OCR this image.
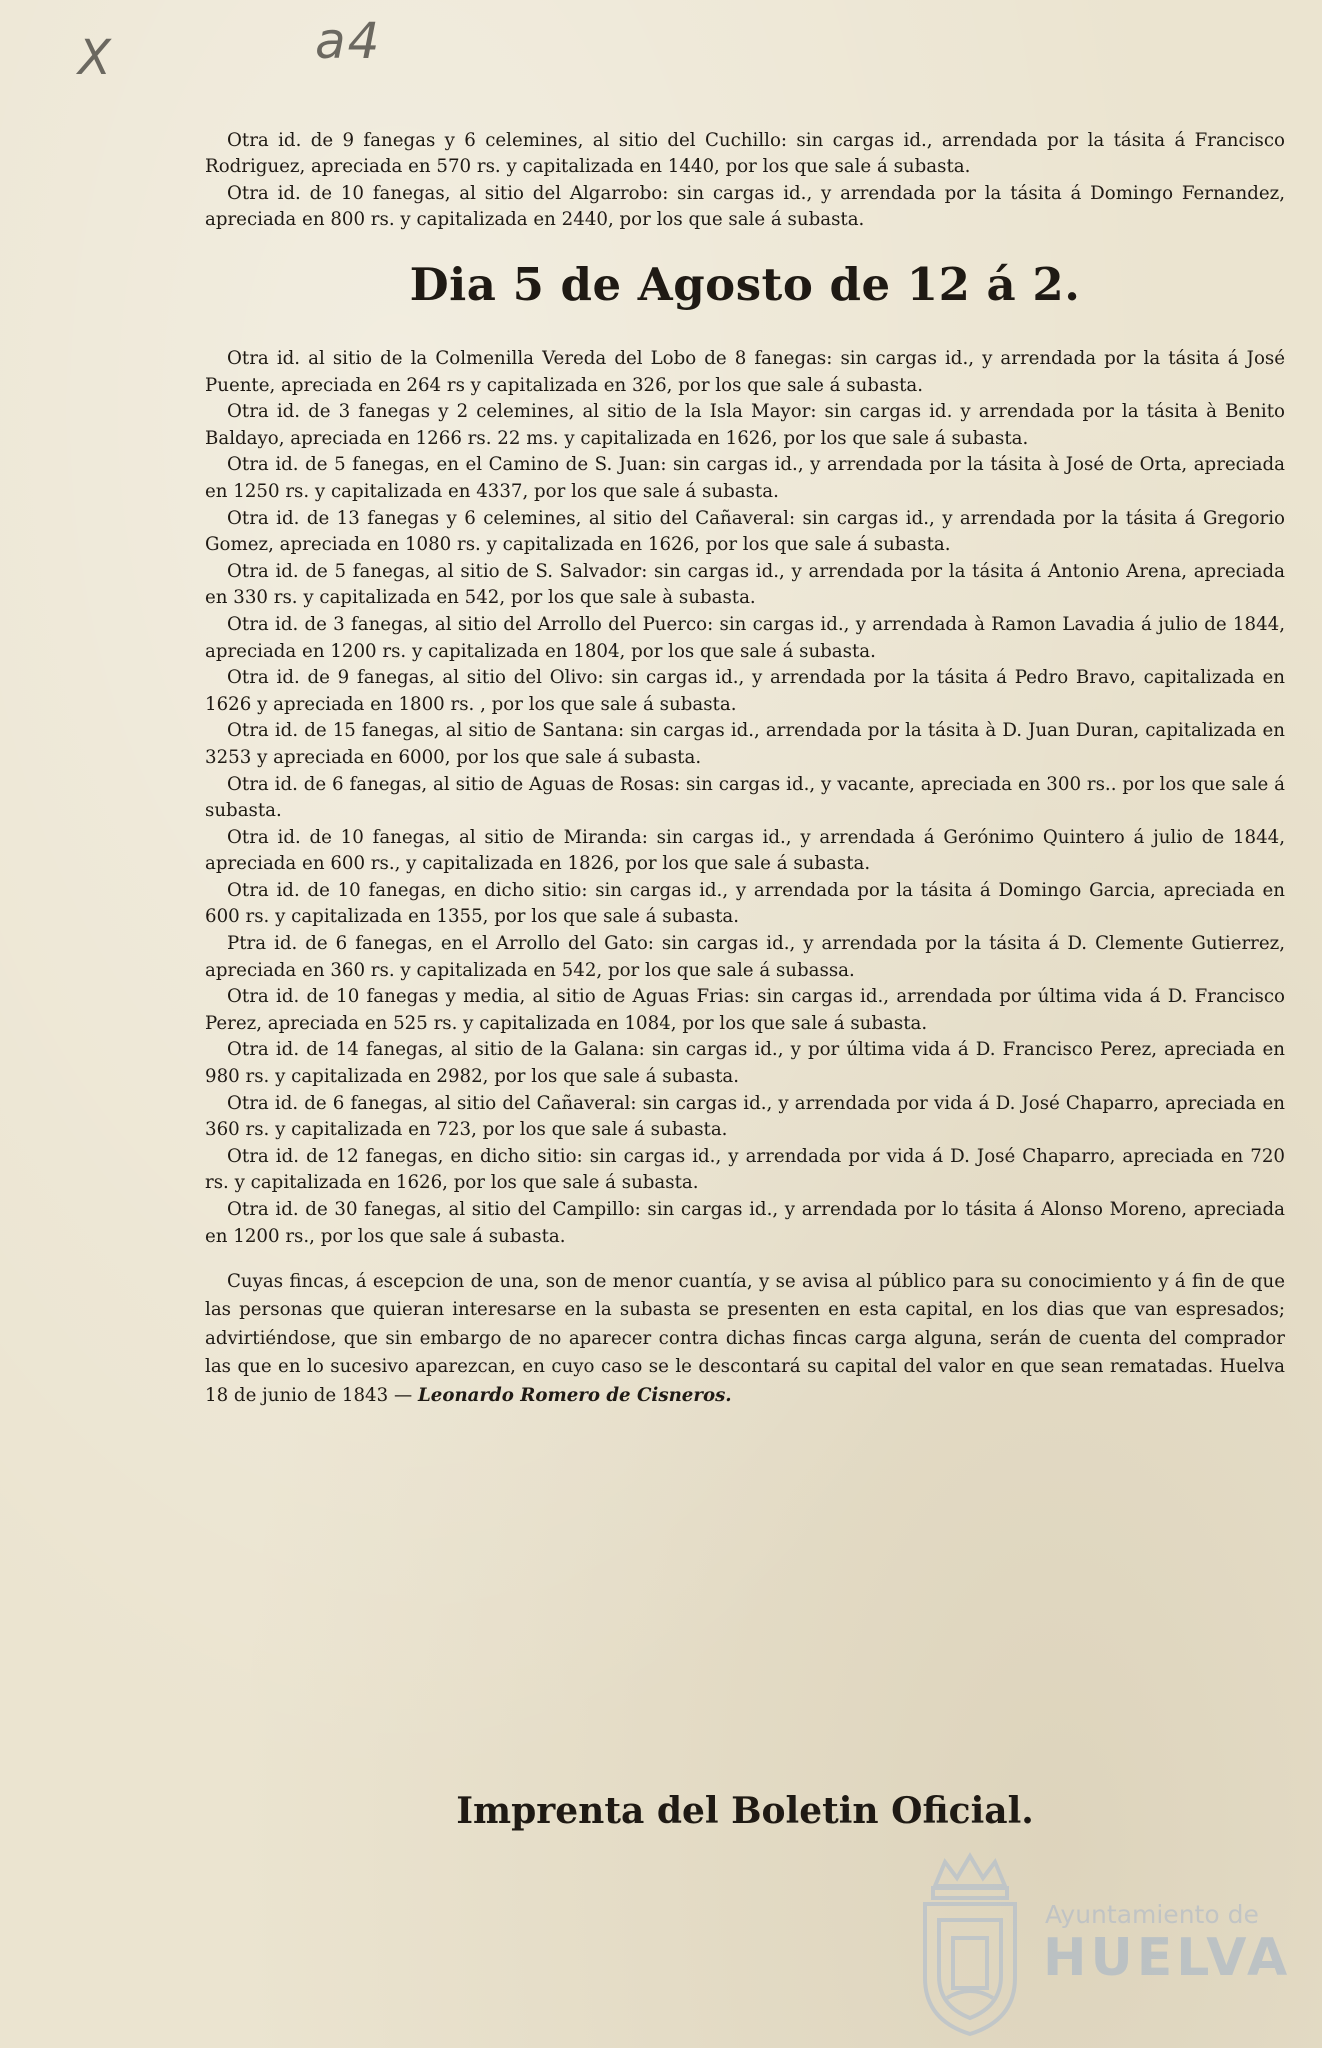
X	a4

Otra id. de 9 fanegas y 6 celemines, al sitio del Cuchillo: sin cargas id., arrendada por la tásita á Francisco Rodriguez, apreciada en 570 rs. y capitalizada en 1440, por los que sale á subasta.

Otra id. de 10 fanegas, al sitio del Algarrobo: sin cargas id., y arrendada por la tásita á Domingo Fernandez, apreciada en 800 rs. y capitalizada en 2440, por los que sale á subasta.

Dia 5 de Agosto de 12 á 2.

Otra id. al sitio de la Colmenilla Vereda del Lobo de 8 fanegas: sin cargas id., y arrendada por la tásita á José Puente, apreciada en 264 rs y capitalizada en 326, por los que sale á subasta.

Otra id. de 3 fanegas y 2 celemines, al sitio de la Isla Mayor: sin cargas id. y arrendada por la tásita à Benito Baldayo, apreciada en 1266 rs. 22 ms. y capitalizada en 1626, por los que sale á subasta.

Otra id. de 5 fanegas, en el Camino de S. Juan: sin cargas id., y arrendada por la tásita à José de Orta, apreciada en 1250 rs. y capitalizada en 4337, por los que sale á subasta.

Otra id. de 13 fanegas y 6 celemines, al sitio del Cañaveral: sin cargas id., y arrendada por la tásita á Gregorio Gomez, apreciada en 1080 rs. y capitalizada en 1626, por los que sale á subasta.

Otra id. de 5 fanegas, al sitio de S. Salvador: sin cargas id., y arrendada por la tásita á Antonio Arena, apreciada en 330 rs. y capitalizada en 542, por los que sale à subasta.

Otra id. de 3 fanegas, al sitio del Arrollo del Puerco: sin cargas id., y arrendada à Ramon Lavadia á julio de 1844, apreciada en 1200 rs. y capitalizada en 1804, por los que sale á subasta.

Otra id. de 9 fanegas, al sitio del Olivo: sin cargas id., y arrendada por la tásita á Pedro Bravo, capitalizada en 1626 y apreciada en 1800 rs. , por los que sale á subasta.

Otra id. de 15 fanegas, al sitio de Santana: sin cargas id., arrendada por la tásita à D. Juan Duran, capitalizada en 3253 y apreciada en 6000, por los que sale á subasta.

Otra id. de 6 fanegas, al sitio de Aguas de Rosas: sin cargas id., y vacante, apreciada en 300 rs.. por los que sale á subasta.

Otra id. de 10 fanegas, al sitio de Miranda: sin cargas id., y arrendada á Gerónimo Quintero á julio de 1844, apreciada en 600 rs., y capitalizada en 1826, por los que sale á subasta.

Otra id. de 10 fanegas, en dicho sitio: sin cargas id., y arrendada por la tásita á Domingo Garcia, apreciada en 600 rs. y capitalizada en 1355, por los que sale á subasta.

Ptra id. de 6 fanegas, en el Arrollo del Gato: sin cargas id., y arrendada por la tásita á D. Clemente Gutierrez, apreciada en 360 rs. y capitalizada en 542, por los que sale á subassa.

Otra id. de 10 fanegas y media, al sitio de Aguas Frias: sin cargas id., arrendada por última vida á D. Francisco Perez, apreciada en 525 rs. y capitalizada en 1084, por los que sale á subasta.

Otra id. de 14 fanegas, al sitio de la Galana: sin cargas id., y por última vida á D. Francisco Perez, apreciada en 980 rs. y capitalizada en 2982, por los que sale á subasta.

Otra id. de 6 fanegas, al sitio del Cañaveral: sin cargas id., y arrendada por vida á D. José Chaparro, apreciada en 360 rs. y capitalizada en 723, por los que sale á subasta.

Otra id. de 12 fanegas, en dicho sitio: sin cargas id., y arrendada por vida á D. José Chaparro, apreciada en 720 rs. y capitalizada en 1626, por los que sale á subasta.

Otra id. de 30 fanegas, al sitio del Campillo: sin cargas id., y arrendada por lo tásita á Alonso Moreno, apreciada en 1200 rs., por los que sale á subasta.

Cuyas fincas, á escepcion de una, son de menor cuantía, y se avisa al público para su conocimiento y á fin de que las personas que quieran interesarse en la subasta se presenten en esta capital, en los dias que van espresados; advirtiéndose, que sin embargo de no aparecer contra dichas fincas carga alguna, serán de cuenta del comprador las que en lo sucesivo aparezcan, en cuyo caso se le descontará su capital del valor en que sean rematadas. Huelva 18 de junio de 1843 — Leonardo Romero de Cisneros.

Imprenta del Boletin Oficial.
Ayuntamiento de
HUELVA
